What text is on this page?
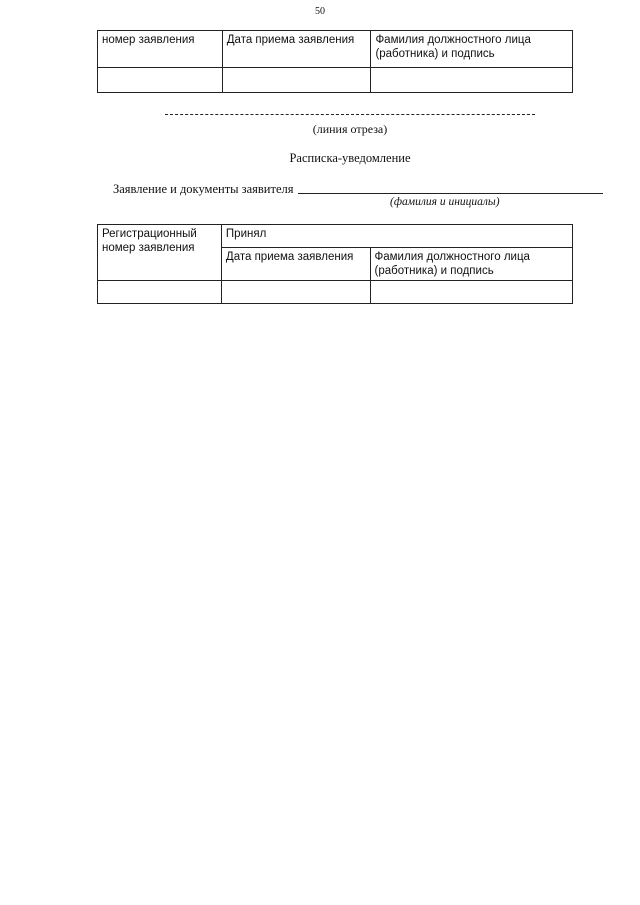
50
номер заявления	Дата приема заявления	Фамилия должностного лица (работника) и подпись

(линия отреза)
Расписка-уведомление
Заявление и документы заявителя
(фамилия и инициалы)
Регистрационный номер заявления	Принял	
	Дата приема заявления	Фамилия должностного лица (работника) и подпись
